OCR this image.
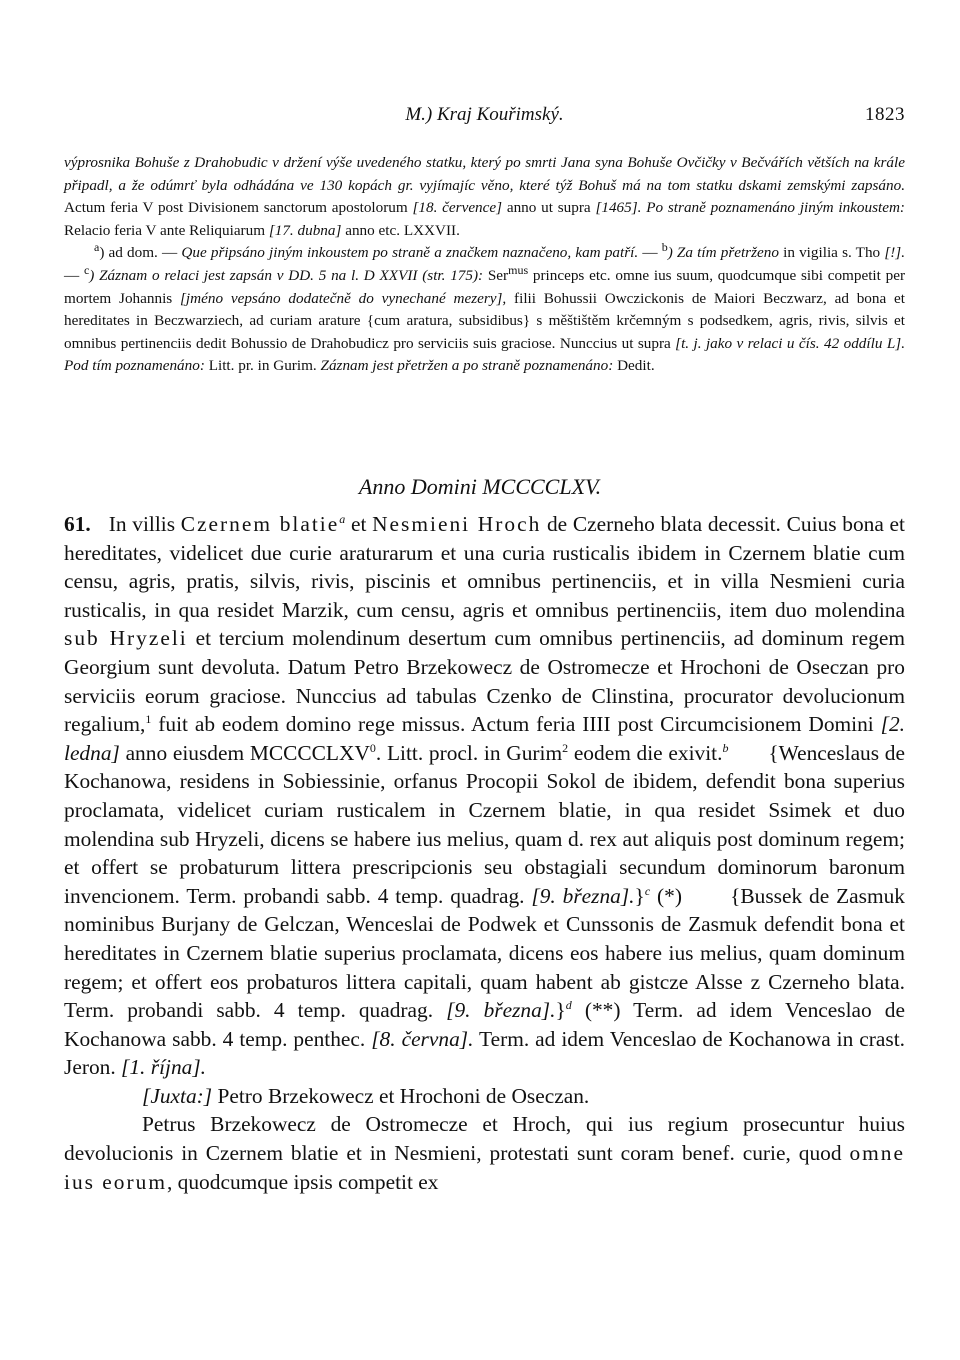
M.) Kraj Kouřimský.	1823

výprosnika Bohuše z Drahobudic v držení výše uvedeného statku, který po smrti Jana syna Bohuše Ovčičky v Bečvářích větších na krále připadl, a že odúmrť byla odhádána ve 130 kopách gr. vyjímajíc věno, které týž Bohuš má na tom statku dskami zemskými zapsáno. Actum feria V post Divisionem sanctorum apostolorum [18. července] anno ut supra [1465]. Po straně poznamenáno jiným inkoustem: Relacio feria V ante Reliquiarum [17. dubna] anno etc. LXXVII.

$^a$) ad dom. — Que připsáno jiným inkoustem po straně a značkem naznačeno, kam patří. — $^b$) Za tím přetrženo in vigilia s. Tho [!]. — $^c$) Záznam o relaci jest zapsán v DD. 5 na l. D XXVII (str. 175): Ser$^{mus}$ princeps etc. omne ius suum, quodcumque sibi competit per mortem Johannis [jméno vepsáno dodatečně do vynechané mezery], filii Bohussii Owczickonis de Maiori Beczwarz, ad bona et hereditates in Beczwarziech, ad curiam arature {cum aratura, subsidibus} s měštištěm krčemným s podsedkem, agris, rivis, silvis et omnibus pertinenciis dedit Bohussio de Drahobudicz pro serviciis suis graciose. Nunccius ut supra [t. j. jako v relaci u čís. 42 oddílu L]. Pod tím poznamenáno: Litt. pr. in Gurim. Záznam jest přetržen a po straně poznamenáno: Dedit.

Anno Domini MCCCCLXV.

61. In villis Czernem blatie$^a$ et Nesmieni Hroch de Czerneho blata decessit. Cuius bona et hereditates, videlicet due curie araturarum et una curia rusticalis ibidem in Czernem blatie cum censu, agris, pratis, silvis, rivis, piscinis et omnibus pertinenciis, et in villa Nesmieni curia rusticalis, in qua residet Marzik, cum censu, agris et omnibus pertinenciis, item duo molendina sub Hryzeli et tercium molendinum desertum cum omnibus pertinenciis, ad dominum regem Georgium sunt devoluta. Datum Petro Brzekowecz de Ostromecze et Hrochoni de Oseczan pro serviciis eorum graciose. Nunccius ad tabulas Czenko de Clinstina, procurator devolucionum regalium,$^1$ fuit ab eodem domino rege missus. Actum feria IIII post Circumcisionem Domini [2. ledna] anno eiusdem MCCCCLXV$^0$. Litt. procl. in Gurim$^2$ eodem die exivit.$^b$       {Wenceslaus de Kochanowa, residens in Sobiessinie, orfanus Procopii Sokol de ibidem, defendit bona superius proclamata, videlicet curiam rusticalem in Czernem blatie, in qua residet Ssimek et duo molendina sub Hryzeli, dicens se habere ius melius, quam d. rex aut aliquis post dominum regem; et offert se probaturum littera prescripcionis seu obstagiali secundum dominorum baronum invencionem. Term. probandi sabb. 4 temp. quadrag. [9. března].}$^c$ (*)       {Bussek de Zasmuk nominibus Burjany de Gelczan, Wenceslai de Podwek et Cunssonis de Zasmuk defendit bona et hereditates in Czernem blatie superius proclamata, dicens eos habere ius melius, quam dominum regem; et offert eos probaturos littera capitali, quam habent ab gistcze Alsse z Czerneho blata. Term. probandi sabb. 4 temp. quadrag. [9. března].}$^d$ (**) Term. ad idem Venceslao de Kochanowa sabb. 4 temp. penthec. [8. června]. Term. ad idem Venceslao de Kochanowa in crast. Jeron. [1. října].

[Juxta:] Petro Brzekowecz et Hrochoni de Oseczan.

Petrus Brzekowecz de Ostromecze et Hroch, qui ius regium prosecuntur huius devolucionis in Czernem blatie et in Nesmieni, protestati sunt coram benef. curie, quod omne ius eorum, quodcumque ipsis competit ex
